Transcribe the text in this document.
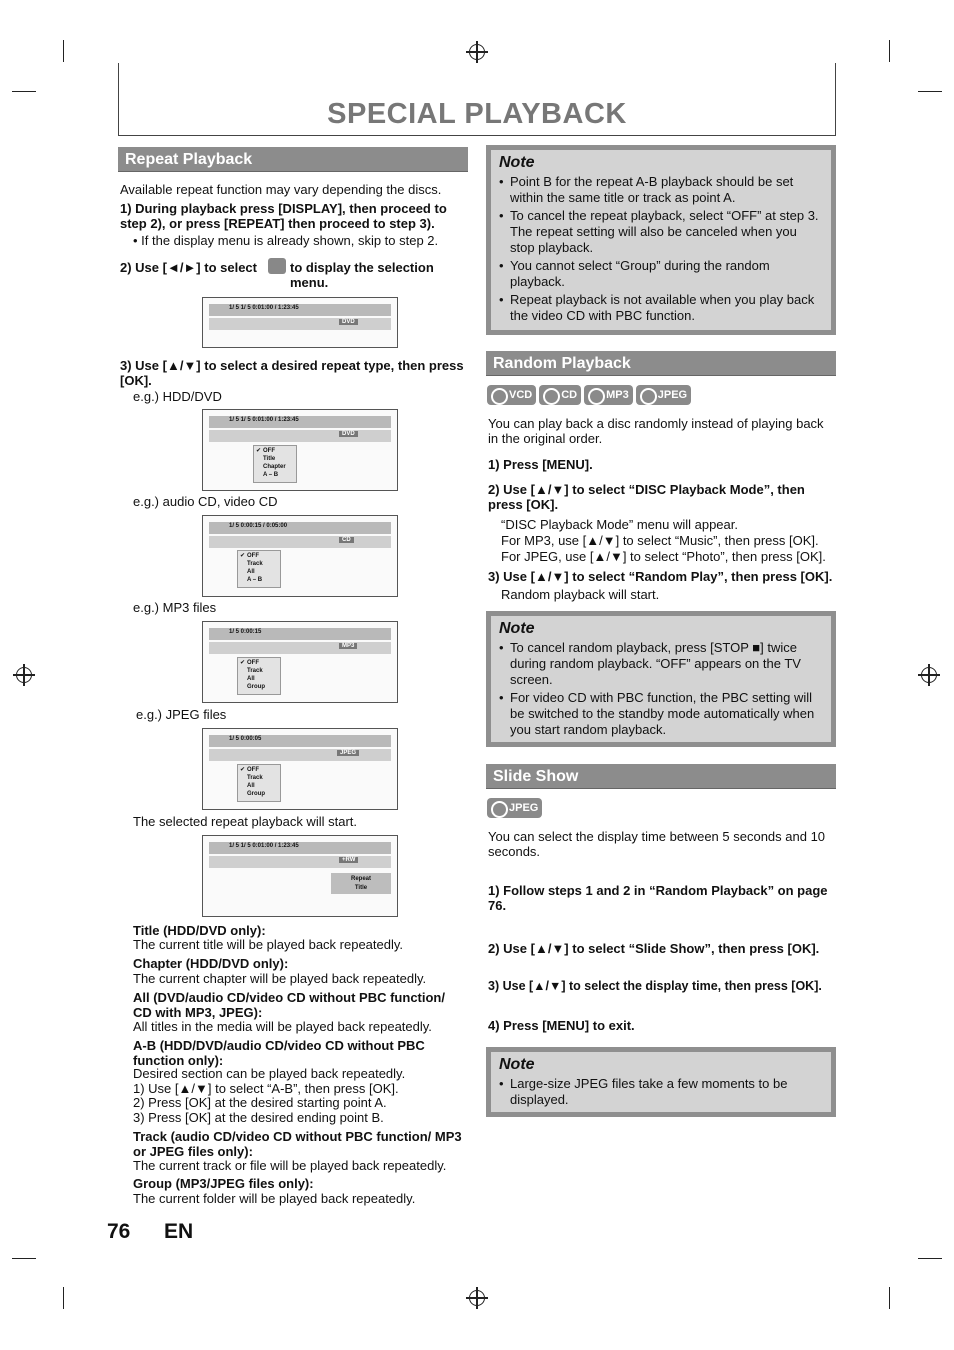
SPECIAL PLAYBACK
Repeat Playback
Available repeat function may vary depending the discs.
1) During playback press [DISPLAY], then proceed to step 2), or press [REPEAT] then proceed to step 3).
• If the display menu is already shown, skip to step 2.
2) Use [◄/►] to select	to display the selection menu.
1/ 5 1/ 5 0:01:00 / 1:23:45
DVD
3) Use [▲/▼] to select a desired repeat type, then press [OK].
e.g.) HDD/DVD
1/ 5 1/ 5 0:01:00 / 1:23:45
DVD
✔ OFF
Title
Chapter
A – B
e.g.) audio CD, video CD
1/ 5 0:00:15 / 0:05:00
CD
✔ OFF
Track
All
A – B
e.g.) MP3 files
1/ 5 0:00:15
MP3
✔ OFF
Track
All
Group
e.g.) JPEG files
1/ 5 0:00:05
JPEG
✔ OFF
Track
All
Group
The selected repeat playback will start.
1/ 5 1/ 5 0:01:00 / 1:23:45
+RW
Repeat
Title
Title (HDD/DVD only):
The current title will be played back repeatedly.
Chapter (HDD/DVD only):
The current chapter will be played back repeatedly.
All (DVD/audio CD/video CD without PBC function/ CD with MP3, JPEG):
All titles in the media will be played back repeatedly.
A-B (HDD/DVD/audio CD/video CD without PBC function only):
Desired section can be played back repeatedly.
1) Use [▲/▼] to select “A-B”, then press [OK].
2) Press [OK] at the desired starting point A.
3) Press [OK] at the desired ending point B.
Track (audio CD/video CD without PBC function/ MP3 or JPEG files only):
The current track or file will be played back repeatedly.
Group (MP3/JPEG files only):
The current folder will be played back repeatedly.
Note
• Point B for the repeat A-B playback should be set within the same title or track as point A.
• To cancel the repeat playback, select “OFF” at step 3. The repeat setting will also be canceled when you stop playback.
• You cannot select “Group” during the random playback.
• Repeat playback is not available when you play back the video CD with PBC function.
Random Playback
VCD	CD	MP3	JPEG
You can play back a disc randomly instead of playing back in the original order.
1) Press [MENU].
2) Use [▲/▼] to select “DISC Playback Mode”, then press [OK].
“DISC Playback Mode” menu will appear.
For MP3, use [▲/▼] to select “Music”, then press [OK].
For JPEG, use [▲/▼] to select “Photo”, then press [OK].
3) Use [▲/▼] to select “Random Play”, then press [OK].
Random playback will start.
Note
• To cancel random playback, press [STOP ■] twice during random playback. “OFF” appears on the TV screen.
• For video CD with PBC function, the PBC setting will be switched to the standby mode automatically when you start random playback.
Slide Show
JPEG
You can select the display time between 5 seconds and 10 seconds.
1) Follow steps 1 and 2 in “Random Playback” on page 76.
2) Use [▲/▼] to select “Slide Show”, then press [OK].
3) Use [▲/▼] to select the display time, then press [OK].
4) Press [MENU] to exit.
Note
• Large-size JPEG files take a few moments to be displayed.
76 EN
